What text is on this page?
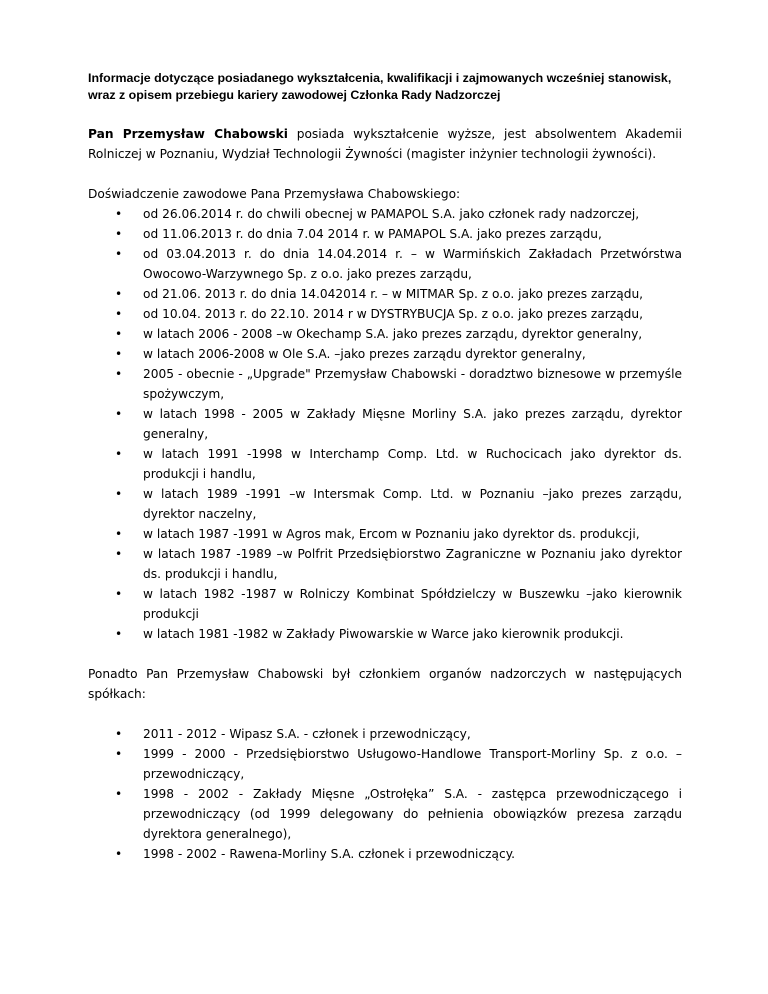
Informacje dotyczące posiadanego wykształcenia, kwalifikacji i zajmowanych wcześniej stanowisk, wraz z opisem przebiegu kariery zawodowej Członka Rady Nadzorczej

Pan Przemysław Chabowski posiada wykształcenie wyższe, jest absolwentem Akademii Rolniczej w Poznaniu, Wydział Technologii Żywności (magister inżynier technologii żywności).

Doświadczenie zawodowe Pana Przemysława Chabowskiego:

• od 26.06.2014 r. do chwili obecnej w PAMAPOL S.A. jako członek rady nadzorczej,
• od 11.06.2013 r. do dnia 7.04 2014 r. w PAMAPOL S.A. jako prezes zarządu,
• od 03.04.2013 r. do dnia 14.04.2014 r. – w Warmińskich Zakładach Przetwórstwa Owocowo-Warzywnego Sp. z o.o. jako prezes zarządu,
• od 21.06. 2013 r. do dnia 14.042014 r. – w MITMAR Sp. z o.o. jako prezes zarządu,
• od 10.04. 2013 r. do 22.10. 2014 r w DYSTRYBUCJA Sp. z o.o. jako prezes zarządu,
• w latach 2006 - 2008 –w Okechamp S.A. jako prezes zarządu, dyrektor generalny,
• w latach 2006-2008 w Ole S.A. –jako prezes zarządu dyrektor generalny,
• 2005 - obecnie - „Upgrade" Przemysław Chabowski - doradztwo biznesowe w przemyśle spożywczym,
• w latach 1998 - 2005 w Zakłady Mięsne Morliny S.A. jako prezes zarządu, dyrektor generalny,
• w latach 1991 -1998 w Interchamp Comp. Ltd. w Ruchocicach jako dyrektor ds. produkcji i handlu,
• w latach 1989 -1991 –w Intersmak Comp. Ltd. w Poznaniu –jako prezes zarządu, dyrektor naczelny,
• w latach 1987 -1991 w Agros mak, Ercom w Poznaniu jako dyrektor ds. produkcji,
• w latach 1987 -1989 –w Polfrit Przedsiębiorstwo Zagraniczne w Poznaniu jako dyrektor ds. produkcji i handlu,
• w latach 1982 -1987 w Rolniczy Kombinat Spółdzielczy w Buszewku –jako kierownik produkcji
• w latach 1981 -1982 w Zakłady Piwowarskie w Warce jako kierownik produkcji.

Ponadto Pan Przemysław Chabowski był członkiem organów nadzorczych w następujących spółkach:

• 2011 - 2012 - Wipasz S.A. - członek i przewodniczący,
• 1999 - 2000 - Przedsiębiorstwo Usługowo-Handlowe Transport-Morliny Sp. z o.o. – przewodniczący,
• 1998 - 2002 - Zakłady Mięsne „Ostrołęka” S.A. - zastępca przewodniczącego i przewodniczący (od 1999 delegowany do pełnienia obowiązków prezesa zarządu dyrektora generalnego),
• 1998 - 2002 - Rawena-Morliny S.A. członek i przewodniczący.
